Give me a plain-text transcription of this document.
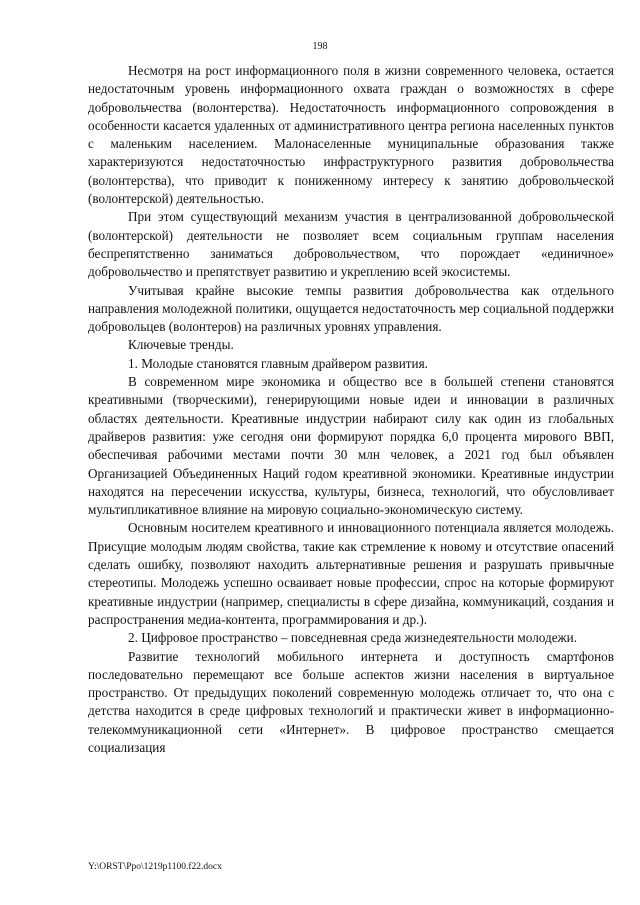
198

Несмотря на рост информационного поля в жизни современного человека, остается недостаточным уровень информационного охвата граждан о возможностях в сфере добровольчества (волонтерства). Недостаточность информационного сопровождения в особенности касается удаленных от административного центра региона населенных пунктов с маленьким населением. Малонаселенные муниципальные образования также характеризуются недостаточностью инфраструктурного развития добровольчества (волонтерства), что приводит к пониженному интересу к занятию добровольческой (волонтерской) деятельностью.

При этом существующий механизм участия в централизованной добровольческой (волонтерской) деятельности не позволяет всем социальным группам населения беспрепятственно заниматься добровольчеством, что порождает «единичное» добровольчество и препятствует развитию и укреплению всей экосистемы.

Учитывая крайне высокие темпы развития добровольчества как отдельного направления молодежной политики, ощущается недостаточность мер социальной поддержки добровольцев (волонтеров) на различных уровнях управления.

Ключевые тренды.

1. Молодые становятся главным драйвером развития.

В современном мире экономика и общество все в большей степени становятся креативными (творческими), генерирующими новые идеи и инновации в различных областях деятельности. Креативные индустрии набирают силу как один из глобальных драйверов развития: уже сегодня они формируют порядка 6,0 процента мирового ВВП, обеспечивая рабочими местами почти 30 млн человек, а 2021 год был объявлен Организацией Объединенных Наций годом креативной экономики. Креативные индустрии находятся на пересечении искусства, культуры, бизнеса, технологий, что обусловливает мультипликативное влияние на мировую социально-экономическую систему.

Основным носителем креативного и инновационного потенциала является молодежь. Присущие молодым людям свойства, такие как стремление к новому и отсутствие опасений сделать ошибку, позволяют находить альтернативные решения и разрушать привычные стереотипы. Молодежь успешно осваивает новые профессии, спрос на которые формируют креативные индустрии (например, специалисты в сфере дизайна, коммуникаций, создания и распространения медиа-контента, программирования и др.).

2. Цифровое пространство – повседневная среда жизнедеятельности молодежи.

Развитие технологий мобильного интернета и доступность смартфонов последовательно перемещают все больше аспектов жизни населения в виртуальное пространство. От предыдущих поколений современную молодежь отличает то, что она с детства находится в среде цифровых технологий и практически живет в информационно-телекоммуникационной сети «Интернет». В цифровое пространство смещается социализация

Y:\ORST\Ppo\1219p1100.f22.docx
